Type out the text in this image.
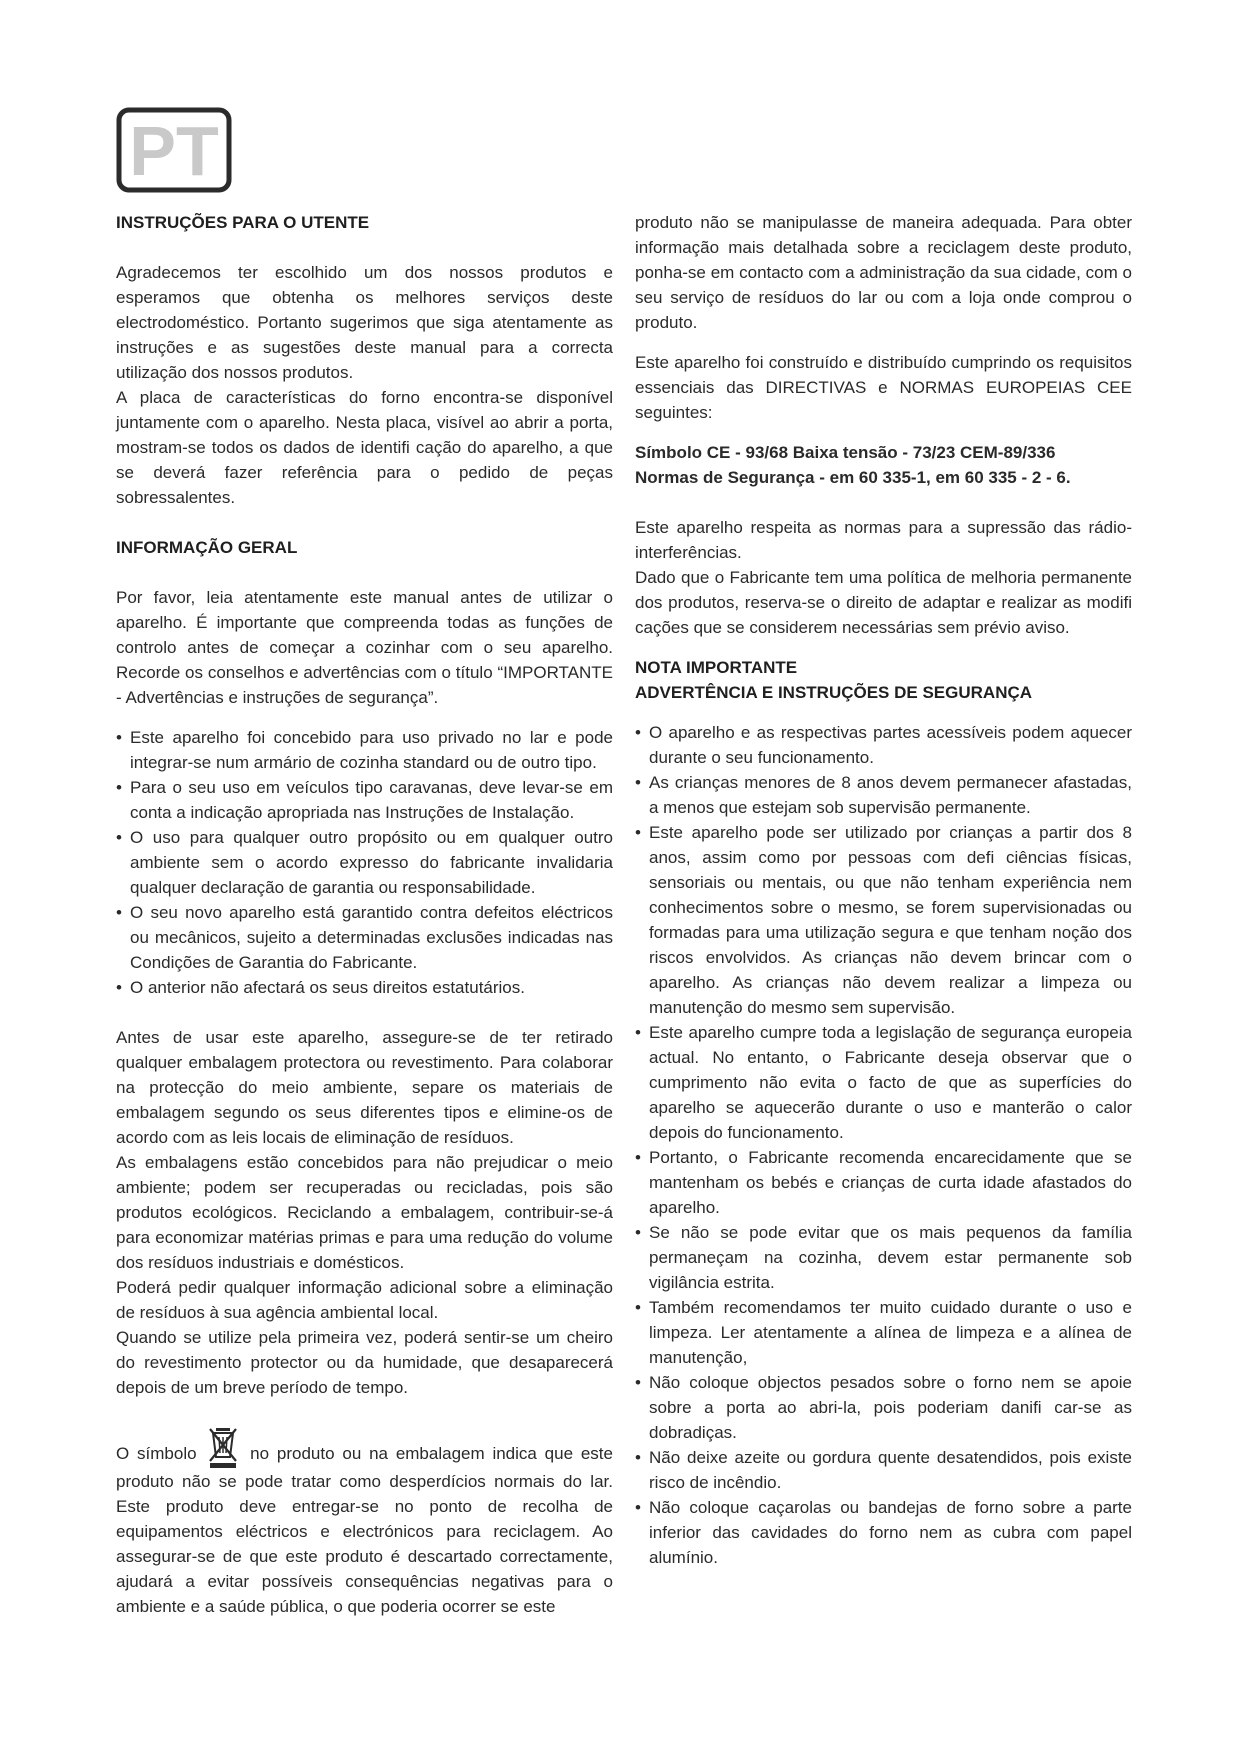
PT

INSTRUÇÕES PARA O UTENTE

Agradecemos ter escolhido um dos nossos produtos e esperamos que obtenha os melhores serviços deste electrodoméstico. Portanto sugerimos que siga atentamente as instruções e as sugestões deste manual para a correcta utilização dos nossos produtos.

A placa de características do forno encontra-se disponível juntamente com o aparelho. Nesta placa, visível ao abrir a porta, mostram-se todos os dados de identifi cação do aparelho, a que se deverá fazer referência para o pedido de peças sobressalentes.

INFORMAÇÃO GERAL

Por favor, leia atentamente este manual antes de utilizar o aparelho. É importante que compreenda todas as funções de controlo antes de começar a cozinhar com o seu aparelho. Recorde os conselhos e advertências com o título “IMPORTANTE - Advertências e instruções de segurança”.

• Este aparelho foi concebido para uso privado no lar e pode integrar-se num armário de cozinha standard ou de outro tipo.
• Para o seu uso em veículos tipo caravanas, deve levar-se em conta a indicação apropriada nas Instruções de Instalação.
• O uso para qualquer outro propósito ou em qualquer outro ambiente sem o acordo expresso do fabricante invalidaria qualquer declaração de garantia ou responsabilidade.
• O seu novo aparelho está garantido contra defeitos eléctricos ou mecânicos, sujeito a determinadas exclusões indicadas nas Condições de Garantia do Fabricante.
• O anterior não afectará os seus direitos estatutários.

Antes de usar este aparelho, assegure-se de ter retirado qualquer embalagem protectora ou revestimento. Para colaborar na protecção do meio ambiente, separe os materiais de embalagem segundo os seus diferentes tipos e elimine-os de acordo com as leis locais de eliminação de resíduos.

As embalagens estão concebidos para não prejudicar o meio ambiente; podem ser recuperadas ou recicladas, pois são produtos ecológicos. Reciclando a embalagem, contribuir-se-á para economizar matérias primas e para uma redução do volume dos resíduos industriais e domésticos.

Poderá pedir qualquer informação adicional sobre a eliminação de resíduos à sua agência ambiental local.

Quando se utilize pela primeira vez, poderá sentir-se um cheiro do revestimento protector ou da humidade, que desaparecerá depois de um breve período de tempo.

O símbolo  no produto ou na embalagem indica que este produto não se pode tratar como desperdícios normais do lar. Este produto deve entregar-se no ponto de recolha de equipamentos eléctricos e electrónicos para reciclagem. Ao assegurar-se de que este produto é descartado correctamente, ajudará a evitar possíveis consequências negativas para o ambiente e a saúde pública, o que poderia ocorrer se este

produto não se manipulasse de maneira adequada. Para obter informação mais detalhada sobre a reciclagem deste produto, ponha-se em contacto com a administração da sua cidade, com o seu serviço de resíduos do lar ou com a loja onde comprou o produto.

Este aparelho foi construído e distribuído cumprindo os requisitos essenciais das DIRECTIVAS e NORMAS EUROPEIAS CEE seguintes:

Símbolo CE - 93/68 Baixa tensão - 73/23 CEM-89/336

Normas de Segurança - em 60 335-1, em 60 335 - 2 - 6.

Este aparelho respeita as normas para a supressão das rádio-interferências.

Dado que o Fabricante tem uma política de melhoria permanente dos produtos, reserva-se o direito de adaptar e realizar as modifi cações que se considerem necessárias sem prévio aviso.

NOTA IMPORTANTE

ADVERTÊNCIA E INSTRUÇÕES DE SEGURANÇA

• O aparelho e as respectivas partes acessíveis podem aquecer durante o seu funcionamento.
• As crianças menores de 8 anos devem permanecer afastadas, a menos que estejam sob supervisão permanente.
• Este aparelho pode ser utilizado por crianças a partir dos 8 anos, assim como por pessoas com defi ciências físicas, sensoriais ou mentais, ou que não tenham experiência nem conhecimentos sobre o mesmo, se forem supervisionadas ou formadas para uma utilização segura e que tenham noção dos riscos envolvidos. As crianças não devem brincar com o aparelho. As crianças não devem realizar a limpeza ou manutenção do mesmo sem supervisão.
• Este aparelho cumpre toda a legislação de segurança europeia actual. No entanto, o Fabricante deseja observar que o cumprimento não evita o facto de que as superfícies do aparelho se aquecerão durante o uso e manterão o calor depois do funcionamento.
• Portanto, o Fabricante recomenda encarecidamente que se mantenham os bebés e crianças de curta idade afastados do aparelho.
• Se não se pode evitar que os mais pequenos da família permaneçam na cozinha, devem estar permanente sob vigilância estrita.
• Também recomendamos ter muito cuidado durante o uso e limpeza. Ler atentamente a alínea de limpeza e a alínea de manutenção,
• Não coloque objectos pesados sobre o forno nem se apoie sobre a porta ao abri-la, pois poderiam danifi car-se as dobradiças.
• Não deixe azeite ou gordura quente desatendidos, pois existe risco de incêndio.
• Não coloque caçarolas ou bandejas de forno sobre a parte inferior das cavidades do forno nem as cubra com papel alumínio.
